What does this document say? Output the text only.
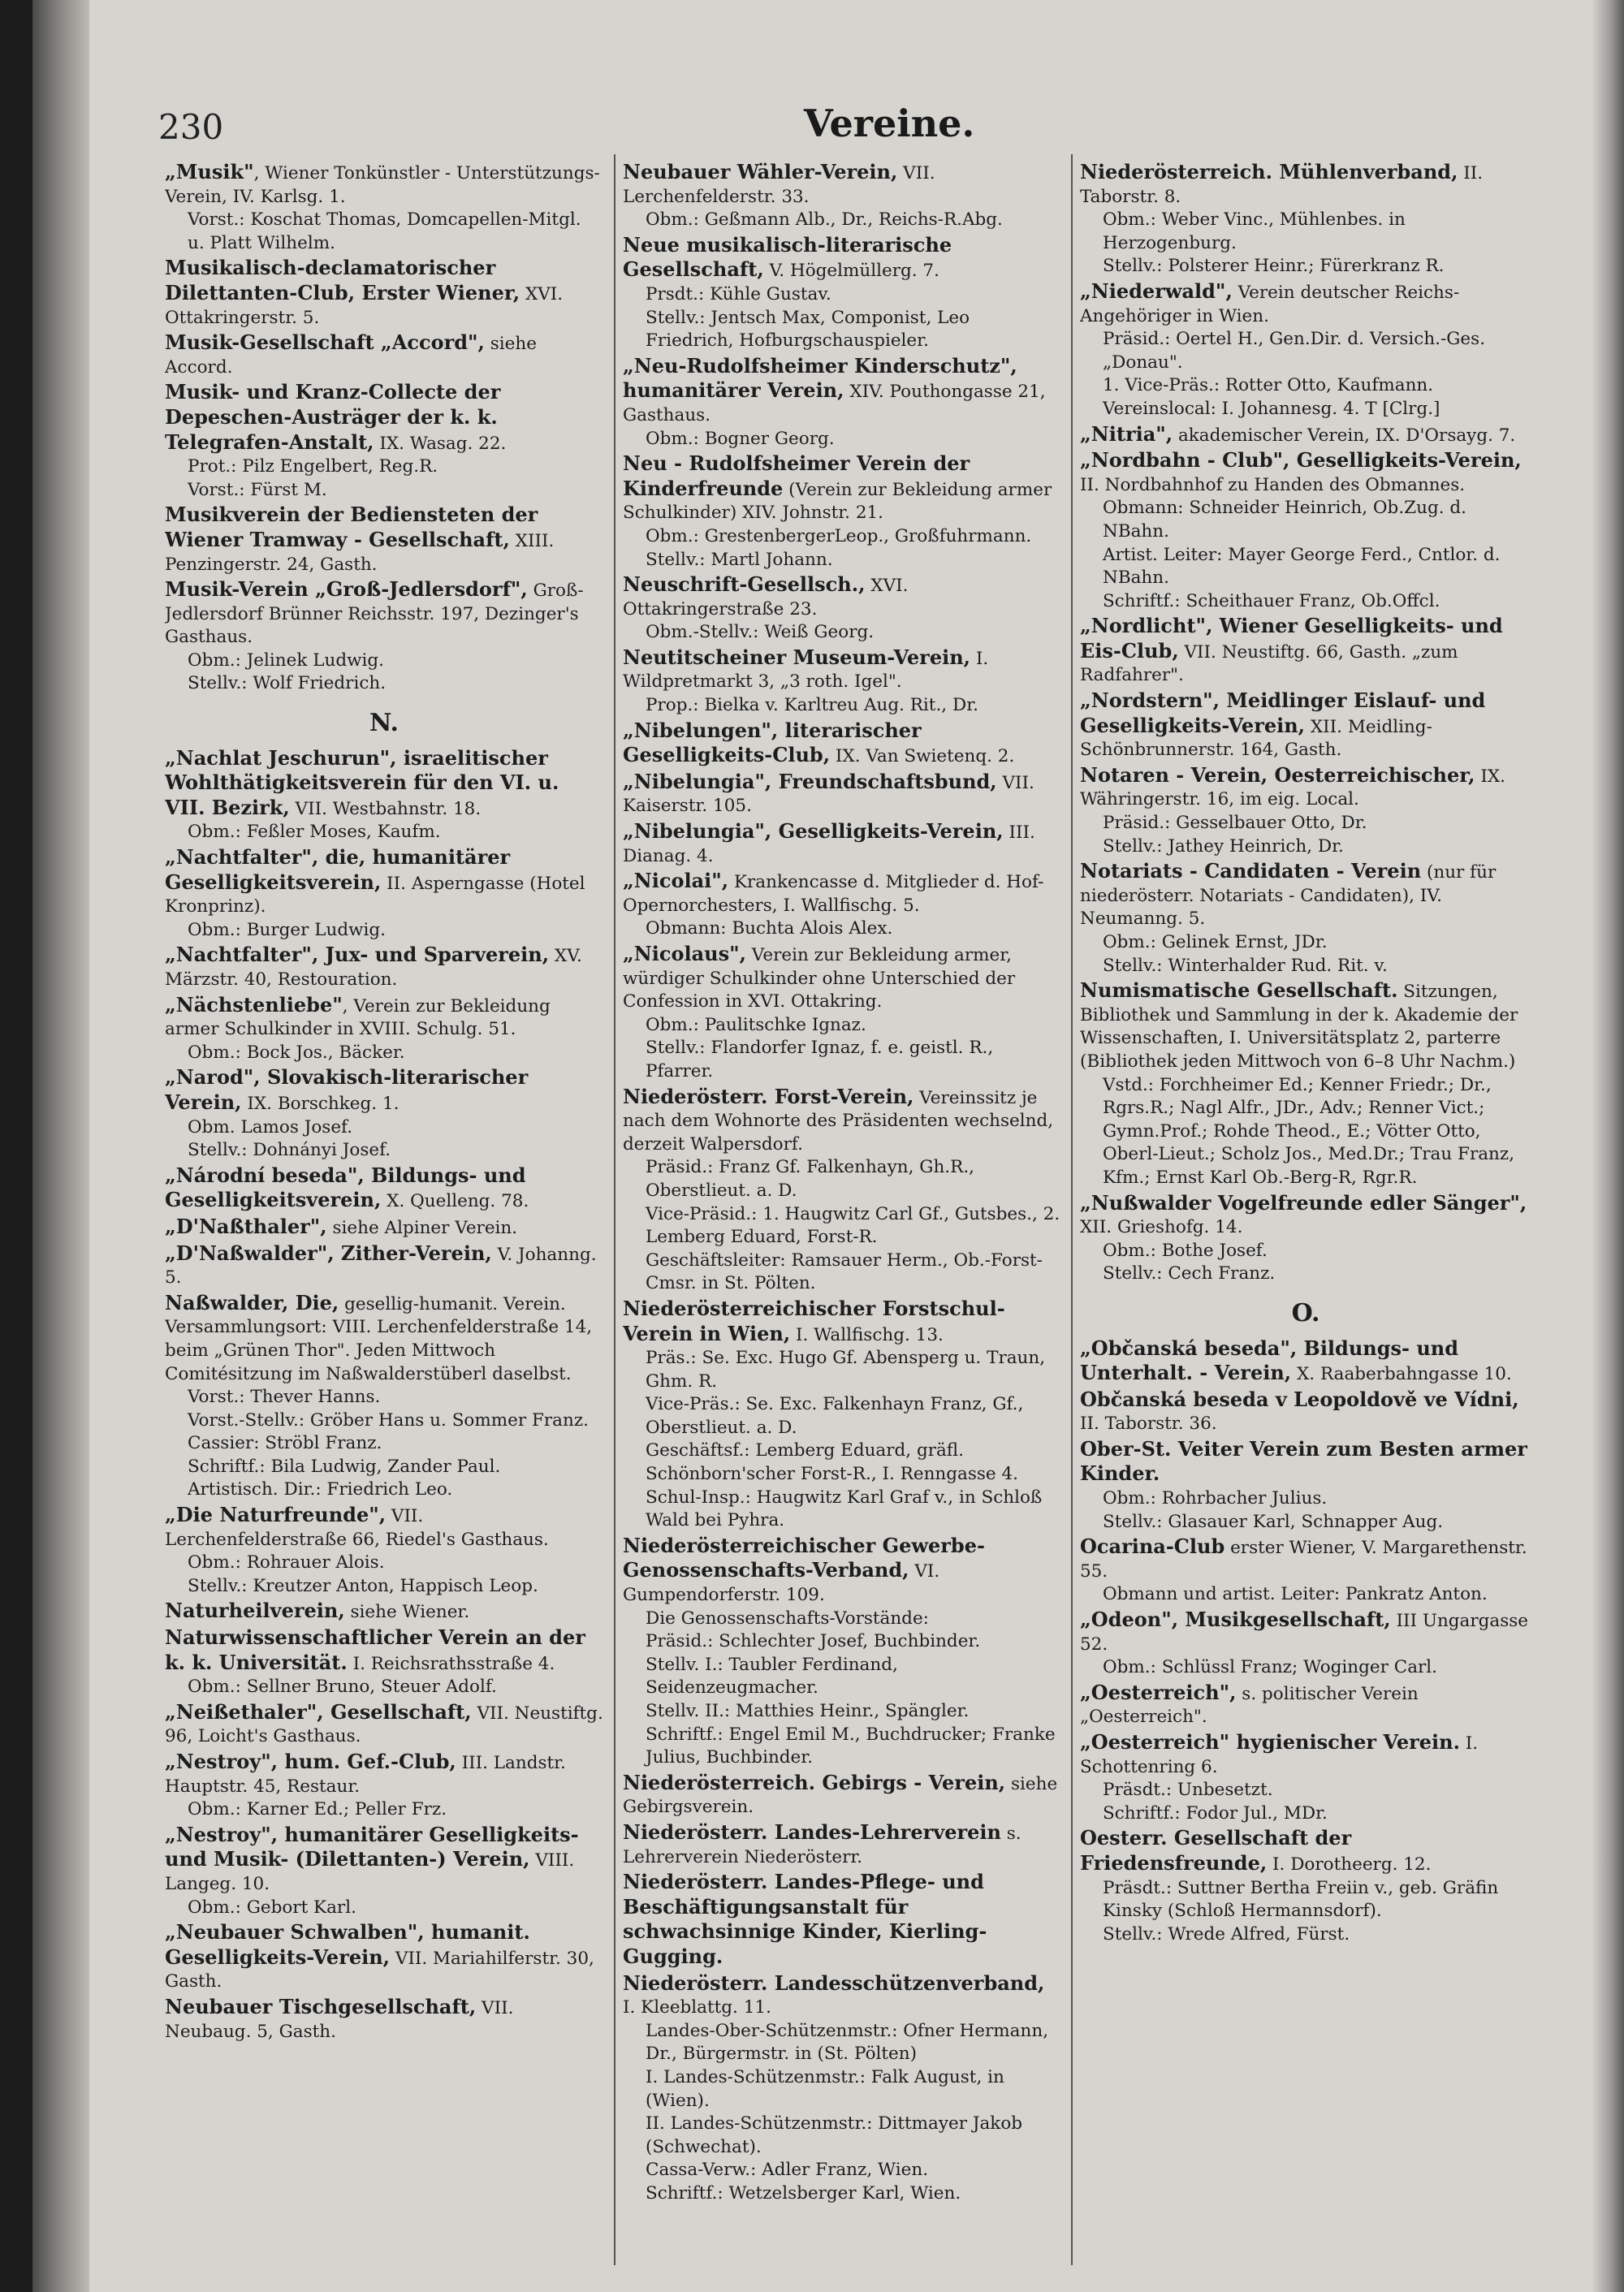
230	Vereine.
„Musik", Wiener Tonkünstler - Unterstützungs-Verein, IV. Karlsg. 1.
Vorst.: Koschat Thomas, Domcapellen-Mitgl. u. Platt Wilhelm.
Musikalisch-declamatorischer Dilettanten-Club, Erster Wiener, XVI. Ottakringerstr. 5.
Musik-Gesellschaft „Accord", siehe Accord.
Musik- und Kranz-Collecte der Depeschen-Austräger der k. k. Telegrafen-Anstalt, IX. Wasag. 22.
Prot.: Pilz Engelbert, Reg.R.
Vorst.: Fürst M.
Musikverein der Bediensteten der Wiener Tramway - Gesellschaft, XIII. Penzingerstr. 24, Gasth.
Musik-Verein „Groß-Jedlersdorf", Groß-Jedlersdorf Brünner Reichsstr. 197, Dezinger's Gasthaus.
Obm.: Jelinek Ludwig.
Stellv.: Wolf Friedrich.
N.
„Nachlat Jeschurun", israelitischer Wohlthätigkeitsverein für den VI. u. VII. Bezirk, VII. Westbahnstr. 18.
Obm.: Feßler Moses, Kaufm.
„Nachtfalter", die, humanitärer Geselligkeitsverein, II. Asperngasse (Hotel Kronprinz).
Obm.: Burger Ludwig.
„Nachtfalter", Jux- und Sparverein, XV. Märzstr. 40, Restouration.
„Nächstenliebe", Verein zur Bekleidung armer Schulkinder in XVIII. Schulg. 51.
Obm.: Bock Jos., Bäcker.
„Narod", Slovakisch-literarischer Verein, IX. Borschkeg. 1.
Obm. Lamos Josef.
Stellv.: Dohnányi Josef.
„Národní beseda", Bildungs- und Geselligkeitsverein, X. Quelleng. 78.
„D'Naßthaler", siehe Alpiner Verein.
„D'Naßwalder", Zither-Verein, V. Johanng. 5.
Naßwalder, Die, gesellig-humanit. Verein. Versammlungsort: VIII. Lerchenfelderstraße 14, beim „Grünen Thor". Jeden Mittwoch Comitésitzung im Naßwalderstüberl daselbst.
Vorst.: Thever Hanns.
Vorst.-Stellv.: Gröber Hans u. Sommer Franz.
Cassier: Ströbl Franz.
Schriftf.: Bila Ludwig, Zander Paul.
Artistisch. Dir.: Friedrich Leo.
„Die Naturfreunde", VII. Lerchenfelderstraße 66, Riedel's Gasthaus.
Obm.: Rohrauer Alois.
Stellv.: Kreutzer Anton, Happisch Leop.
Naturheilverein, siehe Wiener.
Naturwissenschaftlicher Verein an der k. k. Universität. I. Reichsrathsstraße 4.
Obm.: Sellner Bruno, Steuer Adolf.
„Neißethaler", Gesellschaft, VII. Neustiftg. 96, Loicht's Gasthaus.
„Nestroy", hum. Gef.-Club, III. Landstr. Hauptstr. 45, Restaur.
Obm.: Karner Ed.; Peller Frz.
„Nestroy", humanitärer Geselligkeits- und Musik- (Dilettanten-) Verein, VIII. Langeg. 10.
Obm.: Gebort Karl.
„Neubauer Schwalben", humanit. Geselligkeits-Verein, VII. Mariahilferstr. 30, Gasth.
Neubauer Tischgesellschaft, VII. Neubaug. 5, Gasth.
Neubauer Wähler-Verein, VII. Lerchenfelderstr. 33.
Obm.: Geßmann Alb., Dr., Reichs-R.Abg.
Neue musikalisch-literarische Gesellschaft, V. Högelmüllerg. 7.
Prsdt.: Kühle Gustav.
Stellv.: Jentsch Max, Componist, Leo Friedrich, Hofburgschauspieler.
„Neu-Rudolfsheimer Kinderschutz", humanitärer Verein, XIV. Pouthongasse 21, Gasthaus.
Obm.: Bogner Georg.
Neu - Rudolfsheimer Verein der Kinderfreunde (Verein zur Bekleidung armer Schulkinder) XIV. Johnstr. 21.
Obm.: GrestenbergerLeop., Großfuhrmann.
Stellv.: Martl Johann.
Neuschrift-Gesellsch., XVI. Ottakringerstraße 23.
Obm.-Stellv.: Weiß Georg.
Neutitscheiner Museum-Verein, I. Wildpretmarkt 3, „3 roth. Igel".
Prop.: Bielka v. Karltreu Aug. Rit., Dr.
„Nibelungen", literarischer Geselligkeits-Club, IX. Van Swietenq. 2.
„Nibelungia", Freundschaftsbund, VII. Kaiserstr. 105.
„Nibelungia", Geselligkeits-Verein, III. Dianag. 4.
„Nicolai", Krankencasse d. Mitglieder d. Hof-Opernorchesters, I. Wallfischg. 5.
Obmann: Buchta Alois Alex.
„Nicolaus", Verein zur Bekleidung armer, würdiger Schulkinder ohne Unterschied der Confession in XVI. Ottakring.
Obm.: Paulitschke Ignaz.
Stellv.: Flandorfer Ignaz, f. e. geistl. R., Pfarrer.
Niederösterr. Forst-Verein, Vereinssitz je nach dem Wohnorte des Präsidenten wechselnd, derzeit Walpersdorf.
Präsid.: Franz Gf. Falkenhayn, Gh.R., Oberstlieut. a. D.
Vice-Präsid.: 1. Haugwitz Carl Gf., Gutsbes., 2. Lemberg Eduard, Forst-R.
Geschäftsleiter: Ramsauer Herm., Ob.-Forst-Cmsr. in St. Pölten.
Niederösterreichischer Forstschul-Verein in Wien, I. Wallfischg. 13.
Präs.: Se. Exc. Hugo Gf. Abensperg u. Traun, Ghm. R.
Vice-Präs.: Se. Exc. Falkenhayn Franz, Gf., Oberstlieut. a. D.
Geschäftsf.: Lemberg Eduard, gräfl. Schönborn'scher Forst-R., I. Renngasse 4.
Schul-Insp.: Haugwitz Karl Graf v., in Schloß Wald bei Pyhra.
Niederösterreichischer Gewerbe-Genossenschafts-Verband, VI. Gumpendorferstr. 109.
Die Genossenschafts-Vorstände:
Präsid.: Schlechter Josef, Buchbinder.
Stellv. I.: Taubler Ferdinand, Seidenzeugmacher.
Stellv. II.: Matthies Heinr., Spängler.
Schriftf.: Engel Emil M., Buchdrucker; Franke Julius, Buchbinder.
Niederösterreich. Gebirgs - Verein, siehe Gebirgsverein.
Niederösterr. Landes-Lehrerverein s. Lehrerverein Niederösterr.
Niederösterr. Landes-Pflege- und Beschäftigungsanstalt für schwachsinnige Kinder, Kierling-Gugging.
Niederösterr. Landesschützenverband, I. Kleeblattg. 11.
Landes-Ober-Schützenmstr.: Ofner Hermann, Dr., Bürgermstr. in (St. Pölten)
I. Landes-Schützenmstr.: Falk August, in (Wien).
II. Landes-Schützenmstr.: Dittmayer Jakob (Schwechat).
Cassa-Verw.: Adler Franz, Wien.
Schriftf.: Wetzelsberger Karl, Wien.
Niederösterreich. Mühlenverband, II. Taborstr. 8.
Obm.: Weber Vinc., Mühlenbes. in Herzogenburg.
Stellv.: Polsterer Heinr.; Fürerkranz R.
„Niederwald", Verein deutscher Reichs-Angehöriger in Wien.
Präsid.: Oertel H., Gen.Dir. d. Versich.-Ges. „Donau".
1. Vice-Präs.: Rotter Otto, Kaufmann.
Vereinslocal: I. Johannesg. 4. T [Clrg.]
„Nitria", akademischer Verein, IX. D'Orsayg. 7.
„Nordbahn - Club", Geselligkeits-Verein, II. Nordbahnhof zu Handen des Obmannes.
Obmann: Schneider Heinrich, Ob.Zug. d. NBahn.
Artist. Leiter: Mayer George Ferd., Cntlor. d. NBahn.
Schriftf.: Scheithauer Franz, Ob.Offcl.
„Nordlicht", Wiener Geselligkeits- und Eis-Club, VII. Neustiftg. 66, Gasth. „zum Radfahrer".
„Nordstern", Meidlinger Eislauf- und Geselligkeits-Verein, XII. Meidling-Schönbrunnerstr. 164, Gasth.
Notaren - Verein, Oesterreichischer, IX. Währingerstr. 16, im eig. Local.
Präsid.: Gesselbauer Otto, Dr.
Stellv.: Jathey Heinrich, Dr.
Notariats - Candidaten - Verein (nur für niederösterr. Notariats - Candidaten), IV. Neumanng. 5.
Obm.: Gelinek Ernst, JDr.
Stellv.: Winterhalder Rud. Rit. v.
Numismatische Gesellschaft. Sitzungen, Bibliothek und Sammlung in der k. Akademie der Wissenschaften, I. Universitätsplatz 2, parterre (Bibliothek jeden Mittwoch von 6–8 Uhr Nachm.)
Vstd.: Forchheimer Ed.; Kenner Friedr.; Dr., Rgrs.R.; Nagl Alfr., JDr., Adv.; Renner Vict.; Gymn.Prof.; Rohde Theod., E.; Vötter Otto, Oberl-Lieut.; Scholz Jos., Med.Dr.; Trau Franz, Kfm.; Ernst Karl Ob.-Berg-R, Rgr.R.
„Nußwalder Vogelfreunde edler Sänger", XII. Grieshofg. 14.
Obm.: Bothe Josef.
Stellv.: Cech Franz.
O.
„Občanská beseda", Bildungs- und Unterhalt. - Verein, X. Raaberbahngasse 10.
Občanská beseda v Leopoldově ve Vídni, II. Taborstr. 36.
Ober-St. Veiter Verein zum Besten armer Kinder.
Obm.: Rohrbacher Julius.
Stellv.: Glasauer Karl, Schnapper Aug.
Ocarina-Club erster Wiener, V. Margarethenstr. 55.
Obmann und artist. Leiter: Pankratz Anton.
„Odeon", Musikgesellschaft, III Ungargasse 52.
Obm.: Schlüssl Franz; Woginger Carl.
„Oesterreich", s. politischer Verein „Oesterreich".
„Oesterreich" hygienischer Verein. I. Schottenring 6.
Präsdt.: Unbesetzt.
Schriftf.: Fodor Jul., MDr.
Oesterr. Gesellschaft der Friedensfreunde, I. Dorotheerg. 12.
Präsdt.: Suttner Bertha Freiin v., geb. Gräfin Kinsky (Schloß Hermannsdorf).
Stellv.: Wrede Alfred, Fürst.
